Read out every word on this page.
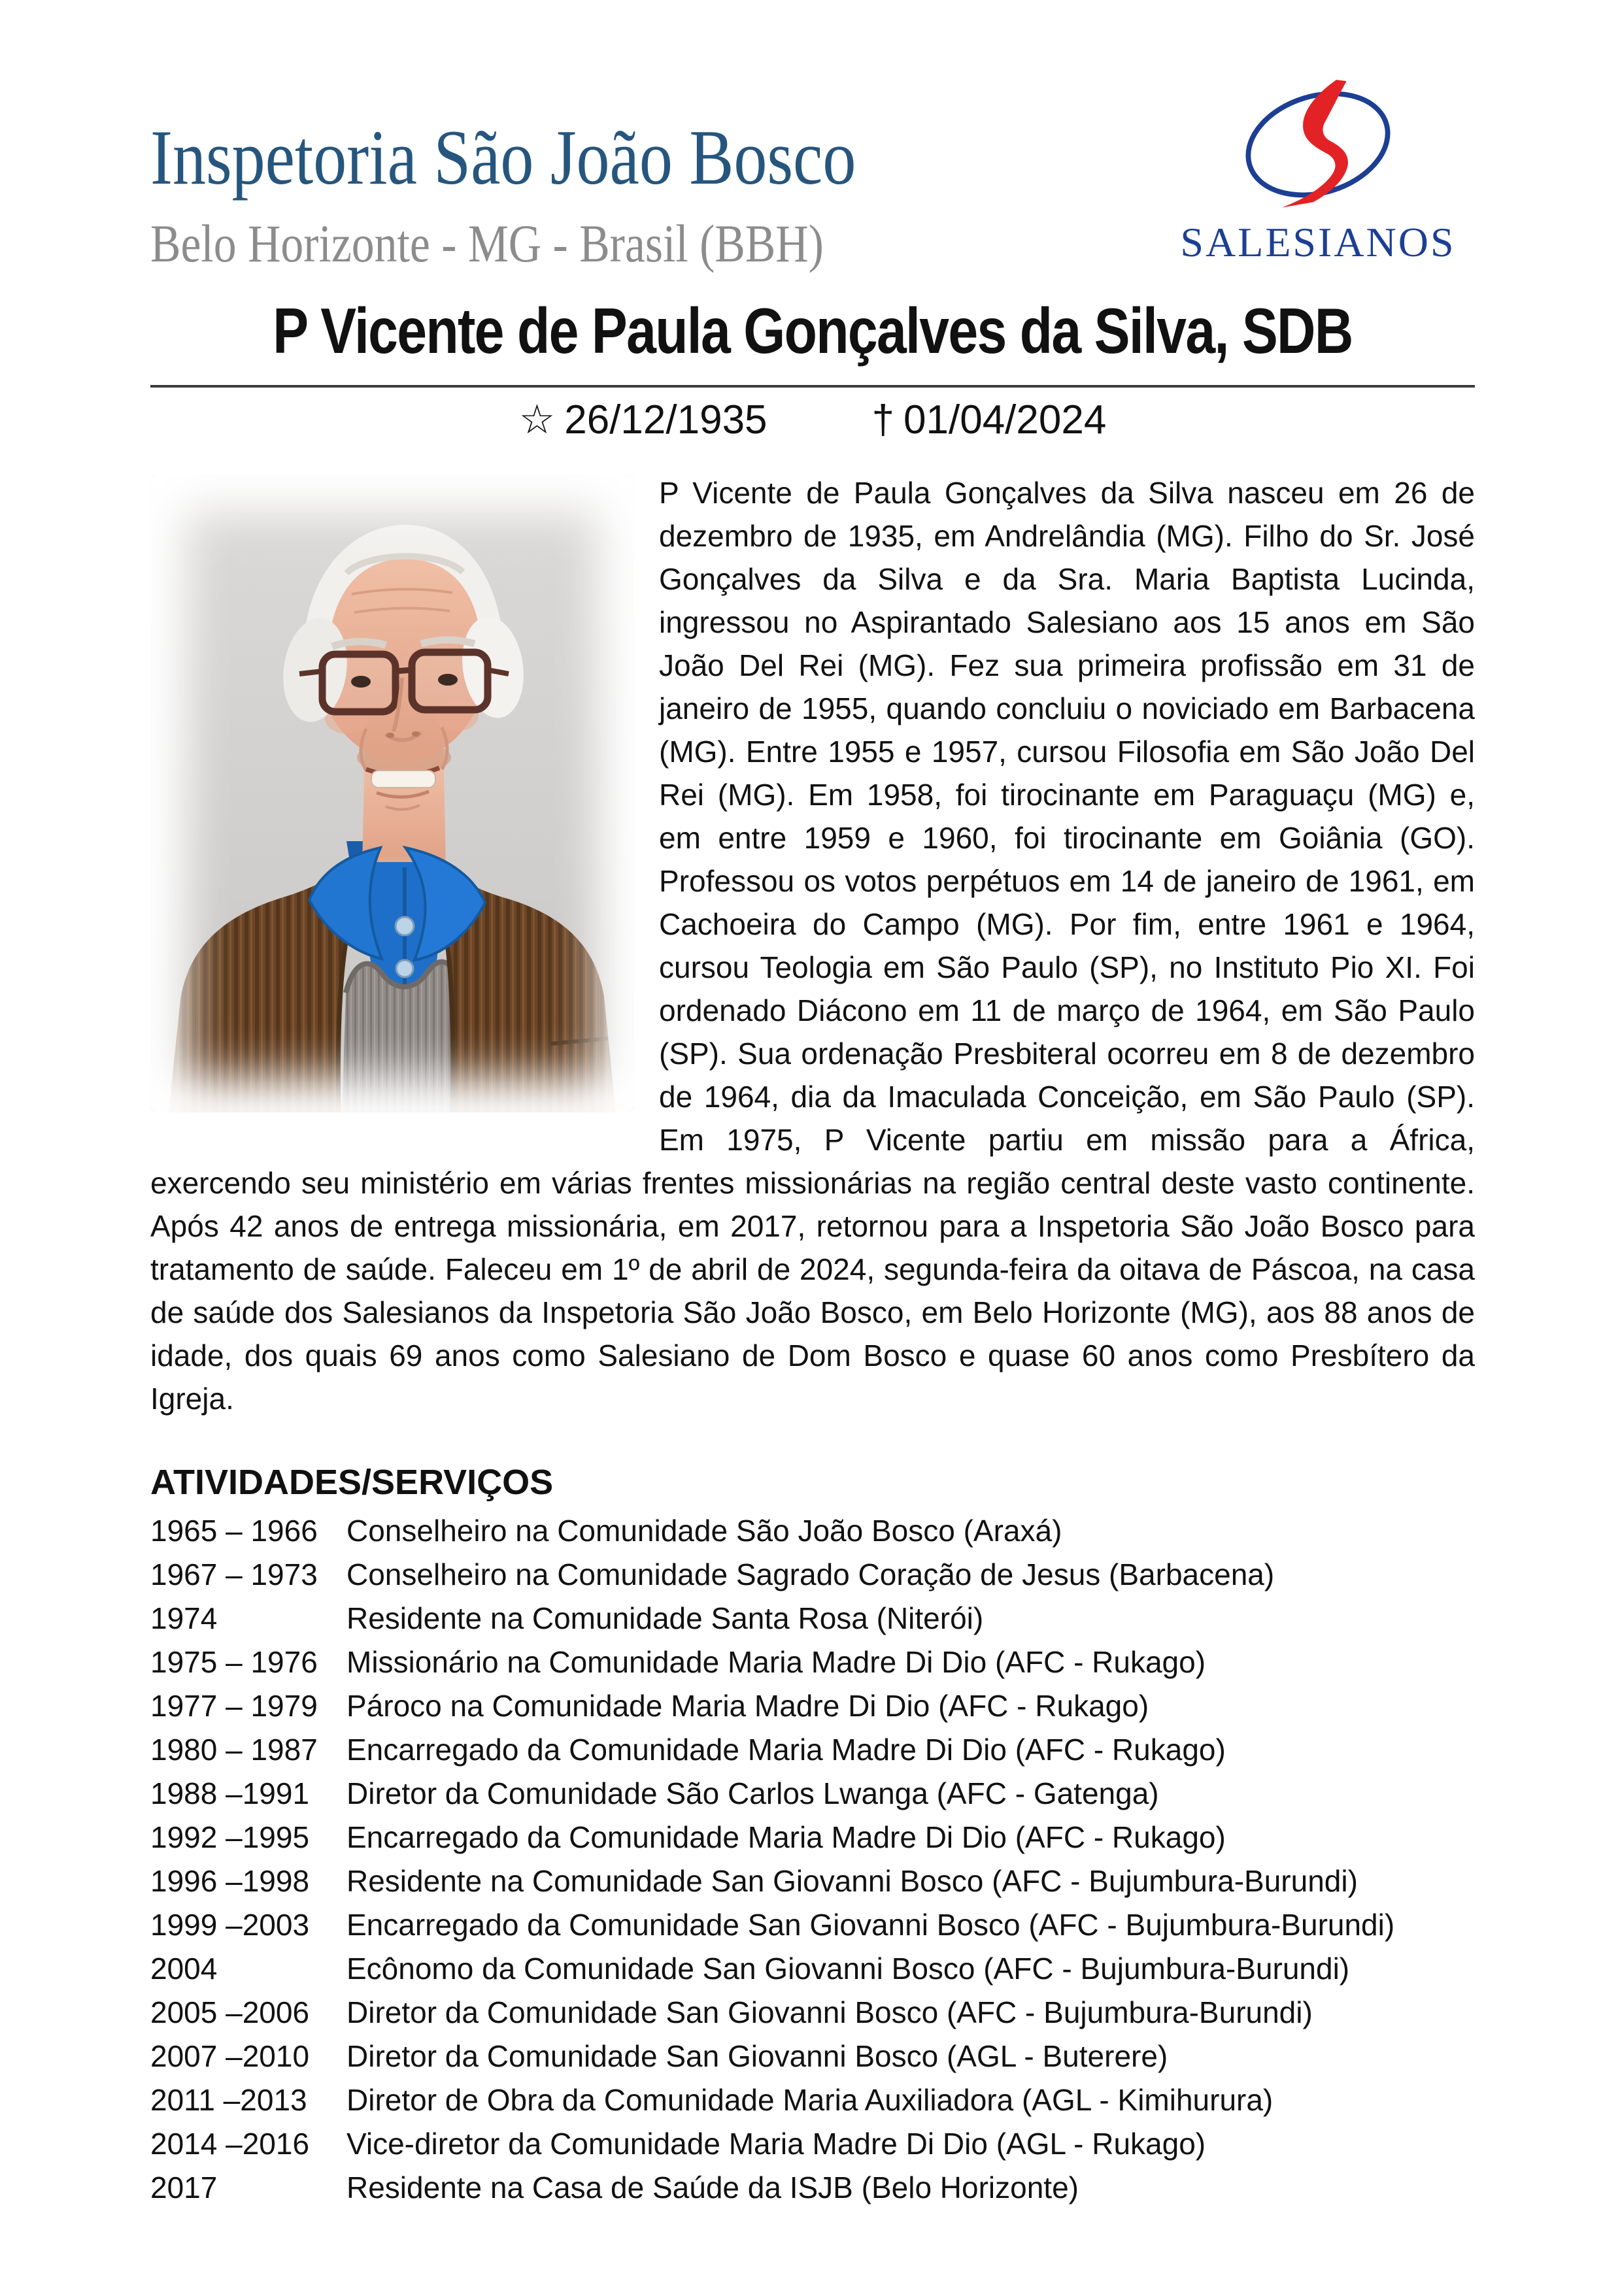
Inspetoria São João Bosco
Belo Horizonte - MG - Brasil (BBH)	SALESIANOS
P Vicente de Paula Gonçalves da Silva, SDB
☆ 26/12/1935	† 01/04/2024

P Vicente de Paula Gonçalves da Silva nasceu em 26 de dezembro de 1935, em Andrelândia (MG). Filho do Sr. José Gonçalves da Silva e da Sra. Maria Baptista Lucinda, ingressou no Aspirantado Salesiano aos 15 anos em São João Del Rei (MG). Fez sua primeira profissão em 31 de janeiro de 1955, quando concluiu o noviciado em Barbacena (MG). Entre 1955 e 1957, cursou Filosofia em São João Del Rei (MG). Em 1958, foi tirocinante em Paraguaçu (MG) e, em entre 1959 e 1960, foi tirocinante em Goiânia (GO). Professou os votos perpétuos em 14 de janeiro de 1961, em Cachoeira do Campo (MG). Por fim, entre 1961 e 1964, cursou Teologia em São Paulo (SP), no Instituto Pio XI. Foi ordenado Diácono em 11 de março de 1964, em São Paulo (SP). Sua ordenação Presbiteral ocorreu em 8 de dezembro de 1964, dia da Imaculada Conceição, em São Paulo (SP). Em 1975, P Vicente partiu em missão para a África, exercendo seu ministério em várias frentes missionárias na região central deste vasto continente. Após 42 anos de entrega missionária, em 2017, retornou para a Inspetoria São João Bosco para tratamento de saúde. Faleceu em 1º de abril de 2024, segunda-feira da oitava de Páscoa, na casa de saúde dos Salesianos da Inspetoria São João Bosco, em Belo Horizonte (MG), aos 88 anos de idade, dos quais 69 anos como Salesiano de Dom Bosco e quase 60 anos como Presbítero da Igreja.

ATIVIDADES/SERVIÇOS
1965 – 1966 Conselheiro na Comunidade São João Bosco (Araxá)
1967 – 1973 Conselheiro na Comunidade Sagrado Coração de Jesus (Barbacena)
1974	Residente na Comunidade Santa Rosa (Niterói)
1975 – 1976 Missionário na Comunidade Maria Madre Di Dio (AFC - Rukago)
1977 – 1979 Pároco na Comunidade Maria Madre Di Dio (AFC - Rukago)
1980 – 1987 Encarregado da Comunidade Maria Madre Di Dio (AFC - Rukago)
1988 –1991	Diretor da Comunidade São Carlos Lwanga (AFC - Gatenga)
1992 –1995	Encarregado da Comunidade Maria Madre Di Dio (AFC - Rukago)
1996 –1998	Residente na Comunidade San Giovanni Bosco (AFC - Bujumbura-Burundi)
1999 –2003	Encarregado da Comunidade San Giovanni Bosco (AFC - Bujumbura-Burundi)
2004	Ecônomo da Comunidade San Giovanni Bosco (AFC - Bujumbura-Burundi)
2005 –2006	Diretor da Comunidade San Giovanni Bosco (AFC - Bujumbura-Burundi)
2007 –2010	Diretor da Comunidade San Giovanni Bosco (AGL - Buterere)
2011 –2013	Diretor de Obra da Comunidade Maria Auxiliadora (AGL - Kimihurura)
2014 –2016	Vice-diretor da Comunidade Maria Madre Di Dio (AGL - Rukago)
2017	Residente na Casa de Saúde da ISJB (Belo Horizonte)
